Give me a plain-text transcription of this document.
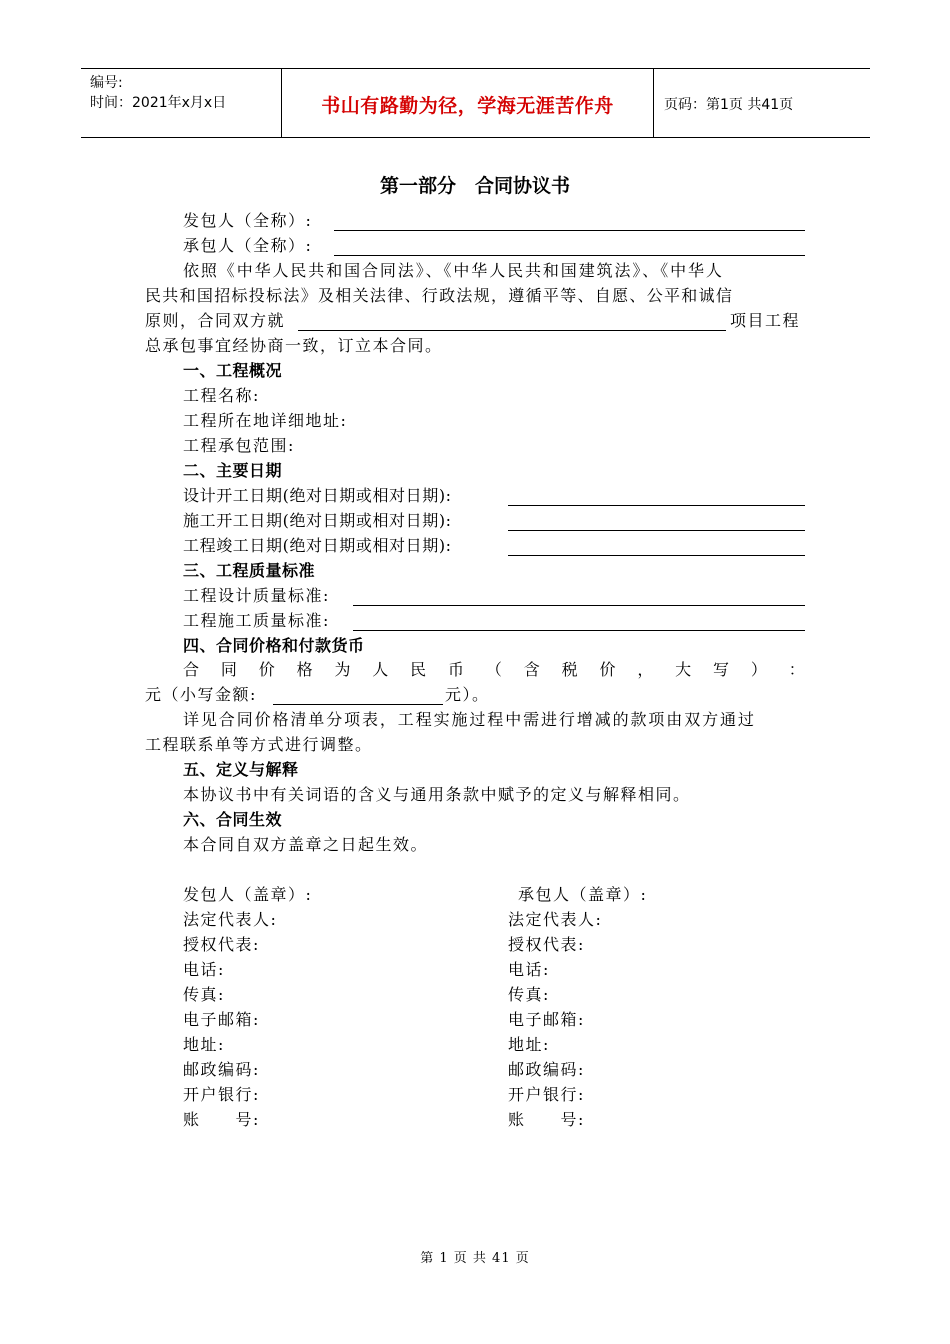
编号:
时间：2021年x月x日	书山有路勤为径，学海无涯苦作舟	页码：第1页 共41页
第一部分　合同协议书
发包人（全称）:
承包人（全称）:
依照《中华人民共和国合同法》、《中华人民共和国建筑法》、《中华人
民共和国招标投标法》及相关法律、行政法规，遵循平等、自愿、公平和诚信
原则，合同双方就	项目工程
总承包事宜经协商一致，订立本合同。
一、工程概况
工程名称:
工程所在地详细地址:
工程承包范围:
二、主要日期
设计开工日期(绝对日期或相对日期):
施工开工日期(绝对日期或相对日期):
工程竣工日期(绝对日期或相对日期):
三、工程质量标准
工程设计质量标准:
工程施工质量标准:
四、合同价格和付款货币
合 同 价 格 为 人 民 币 （ 含 税 价 ， 大 写 ） ：
元（小写金额:	元）。
详见合同价格清单分项表，工程实施过程中需进行增减的款项由双方通过
工程联系单等方式进行调整。
五、定义与解释
本协议书中有关词语的含义与通用条款中赋予的定义与解释相同。
六、合同生效
本合同自双方盖章之日起生效。
发包人（盖章）:	承包人（盖章）:
法定代表人:	法定代表人:
授权代表:	授权代表:
电话:	电话:
传真:	传真:
电子邮箱:	电子邮箱:
地址:	地址:
邮政编码:	邮政编码:
开户银行:	开户银行:
账　　号:	账　　号:
第 1 页 共 41 页
